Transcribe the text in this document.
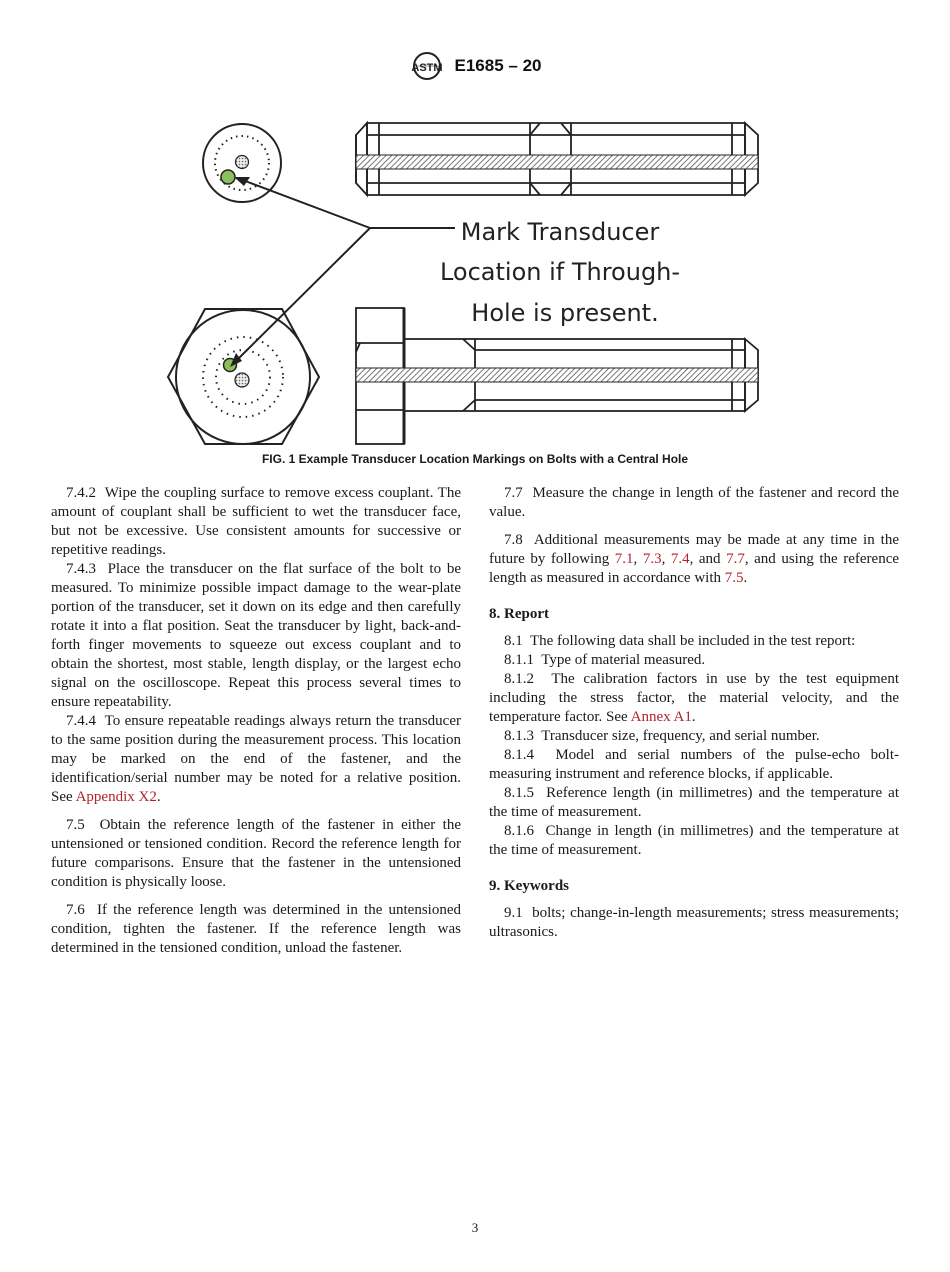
ASTM E1685 – 20
Mark Transducer
Location if Through-
Hole is present.
FIG. 1 Example Transducer Location Markings on Bolts with a Central Hole

7.4.2 Wipe the coupling surface to remove excess couplant. The amount of couplant shall be sufficient to wet the transducer face, but not be excessive. Use consistent amounts for successive or repetitive readings.

7.4.3 Place the transducer on the flat surface of the bolt to be measured. To minimize possible impact damage to the wear-plate portion of the transducer, set it down on its edge and then carefully rotate it into a flat position. Seat the transducer by light, back-and-forth finger movements to squeeze out excess couplant and to obtain the shortest, most stable, length display, or the largest echo signal on the oscilloscope. Repeat this process several times to ensure repeatability.

7.4.4 To ensure repeatable readings always return the transducer to the same position during the measurement process. This location may be marked on the end of the fastener, and the identification/serial number may be noted for a relative position. See Appendix X2.

7.5 Obtain the reference length of the fastener in either the untensioned or tensioned condition. Record the reference length for future comparisons. Ensure that the fastener in the untensioned condition is physically loose.

7.6 If the reference length was determined in the untensioned condition, tighten the fastener. If the reference length was determined in the tensioned condition, unload the fastener.

7.7 Measure the change in length of the fastener and record the value.

7.8 Additional measurements may be made at any time in the future by following 7.1, 7.3, 7.4, and 7.7, and using the reference length as measured in accordance with 7.5.

8. Report

8.1 The following data shall be included in the test report:

8.1.1 Type of material measured.

8.1.2 The calibration factors in use by the test equipment including the stress factor, the material velocity, and the temperature factor. See Annex A1.

8.1.3 Transducer size, frequency, and serial number.

8.1.4 Model and serial numbers of the pulse-echo bolt-measuring instrument and reference blocks, if applicable.

8.1.5 Reference length (in millimetres) and the temperature at the time of measurement.

8.1.6 Change in length (in millimetres) and the temperature at the time of measurement.

9. Keywords

9.1 bolts; change-in-length measurements; stress measurements; ultrasonics.

3
